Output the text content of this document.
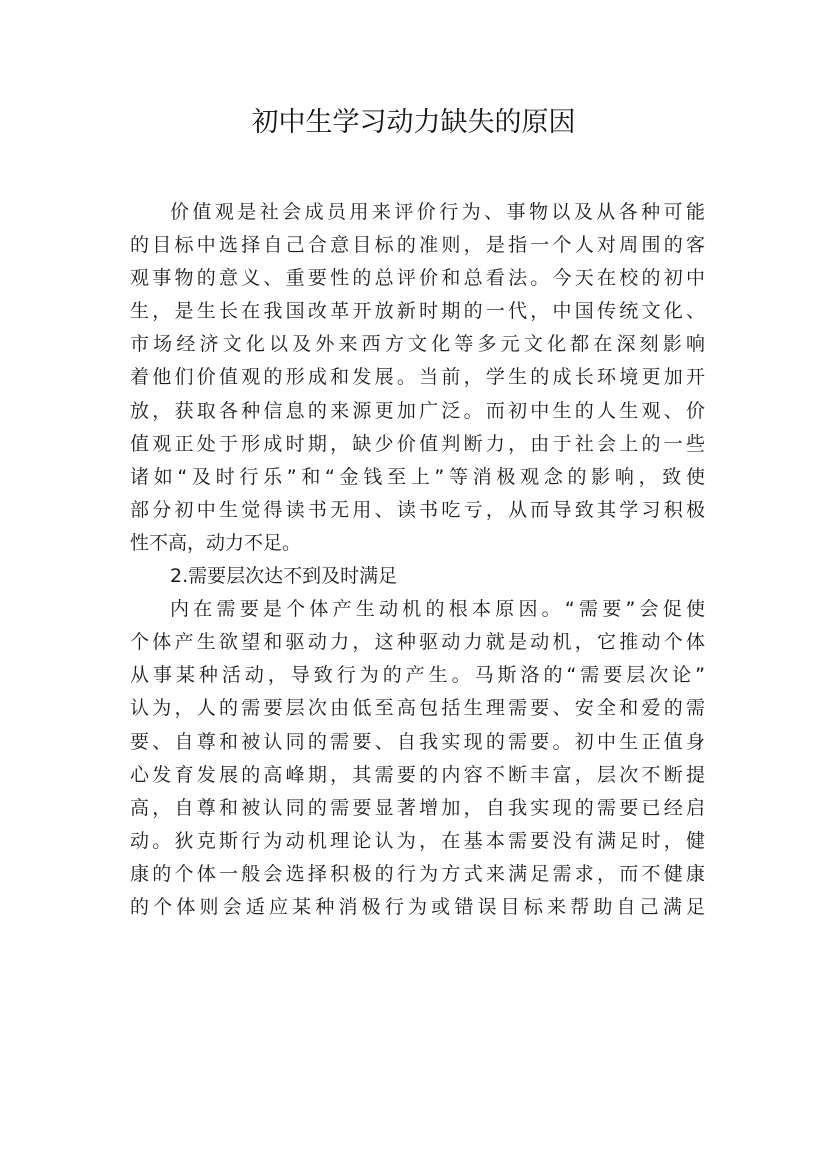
初中生学习动力缺失的原因

价值观是社会成员用来评价行为、事物以及从各种可能

的目标中选择自己合意目标的准则，是指一个人对周围的客

观事物的意义、重要性的总评价和总看法。今天在校的初中

生，是生长在我国改革开放新时期的一代，中国传统文化、

市场经济文化以及外来西方文化等多元文化都在深刻影响

着他们价值观的形成和发展。当前，学生的成长环境更加开

放，获取各种信息的来源更加广泛。而初中生的人生观、价

值观正处于形成时期，缺少价值判断力，由于社会上的一些

诸如“及时行乐”和“金钱至上”等消极观念的影响，致使

部分初中生觉得读书无用、读书吃亏，从而导致其学习积极

性不高，动力不足。

2.需要层次达不到及时满足

内在需要是个体产生动机的根本原因。“需要”会促使

个体产生欲望和驱动力，这种驱动力就是动机，它推动个体

从事某种活动，导致行为的产生。马斯洛的“需要层次论”

认为，人的需要层次由低至高包括生理需要、安全和爱的需

要、自尊和被认同的需要、自我实现的需要。初中生正值身

心发育发展的高峰期，其需要的内容不断丰富，层次不断提

高，自尊和被认同的需要显著增加，自我实现的需要已经启

动。狄克斯行为动机理论认为，在基本需要没有满足时，健

康的个体一般会选择积极的行为方式来满足需求，而不健康

的个体则会适应某种消极行为或错误目标来帮助自己满足
